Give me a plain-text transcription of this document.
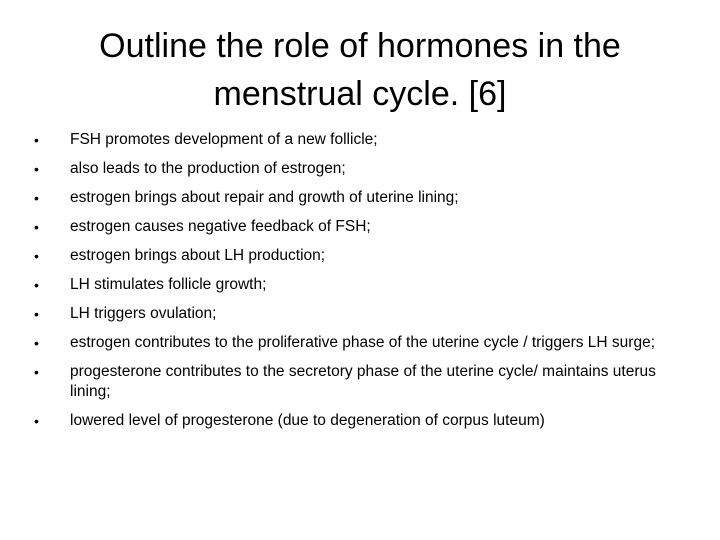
Outline the role of hormones in the menstrual cycle. [6]
•	FSH promotes development of a new follicle;
•	also leads to the production of estrogen;
•	estrogen brings about repair and growth of uterine lining;
•	estrogen causes negative feedback of FSH;
•	estrogen brings about LH production;
•	LH stimulates follicle growth;
•	LH triggers ovulation;
•	estrogen contributes to the proliferative phase of the uterine cycle / triggers LH surge;
•	progesterone contributes to the secretory phase of the uterine cycle/ maintains uterus lining;
•	lowered level of progesterone (due to degeneration of corpus luteum)
